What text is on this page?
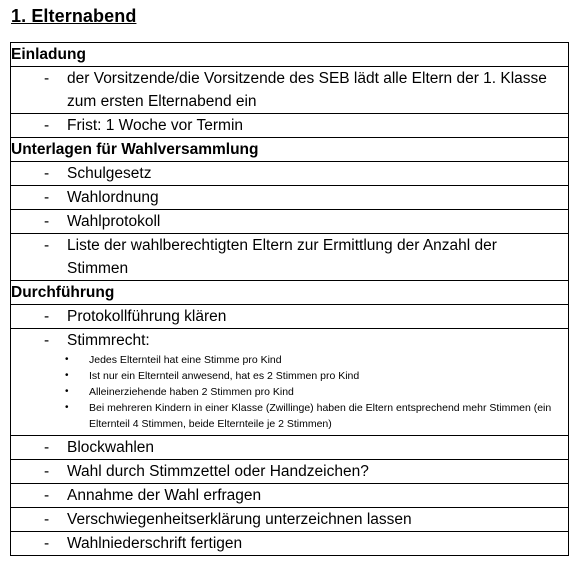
1. Elternabend
Einladung

-	der Vorsitzende/die Vorsitzende des SEB lädt alle Eltern der 1. Klasse zum ersten Elternabend ein

-	Frist: 1 Woche vor Termin

Unterlagen für Wahlversammlung

-	Schulgesetz

-	Wahlordnung

-	Wahlprotokoll

-	Liste der wahlberechtigten Eltern zur Ermittlung der Anzahl der Stimmen

Durchführung

-	Protokollführung klären

-	Stimmrecht:
• Jedes Elternteil hat eine Stimme pro Kind
• Ist nur ein Elternteil anwesend, hat es 2 Stimmen pro Kind
• Alleinerziehende haben 2 Stimmen pro Kind
• Bei mehreren Kindern in einer Klasse (Zwillinge) haben die Eltern entsprechend mehr Stimmen (ein Elternteil 4 Stimmen, beide Elternteile je 2 Stimmen)

-	Blockwahlen

-	Wahl durch Stimmzettel oder Handzeichen?

-	Annahme der Wahl erfragen

-	Verschwiegenheitserklärung unterzeichnen lassen

-	Wahlniederschrift fertigen
